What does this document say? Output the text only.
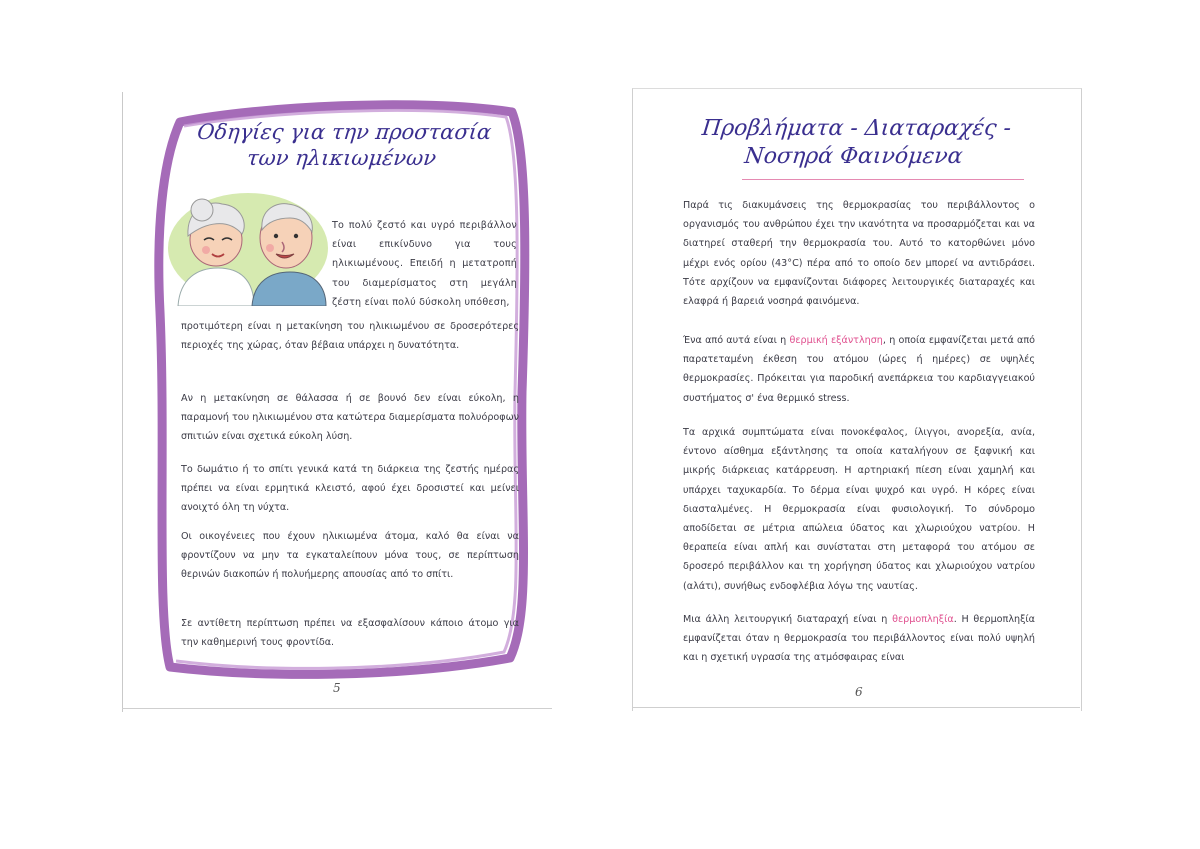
Οδηγίες για την προστασία
των ηλικιωμένων

Το πολύ ζεστό και υγρό περιβάλλον είναι επικίνδυνο για τους ηλικιωμένους. Επειδή η μετατροπή του διαμερίσματος στη μεγάλη ζέστη είναι πολύ δύσκολη υπόθεση,

προτιμότερη είναι η μετακίνηση του ηλικιωμένου σε δροσερότερες περιοχές της χώρας, όταν βέβαια υπάρχει η δυνατότητα.

Αν η μετακίνηση σε θάλασσα ή σε βουνό δεν είναι εύκολη, η παραμονή του ηλικιωμένου στα κατώτερα διαμερίσματα πολυόροφων σπιτιών είναι σχετικά εύκολη λύση.

Το δωμάτιο ή το σπίτι γενικά κατά τη διάρκεια της ζεστής ημέρας πρέπει να είναι ερμητικά κλειστό, αφού έχει δροσιστεί και μείνει ανοιχτό όλη τη νύχτα.

Οι οικογένειες που έχουν ηλικιωμένα άτομα, καλό θα είναι να φροντίζουν να μην τα εγκαταλείπουν μόνα τους, σε περίπτωση θερινών διακοπών ή πολυήμερης απουσίας από το σπίτι.

Σε αντίθετη περίπτωση πρέπει να εξασφαλίσουν κάποιο άτομο για την καθημερινή τους φροντίδα.

5
Προβλήματα - Διαταραχές -
Νοσηρά Φαινόμενα

Παρά τις διακυμάνσεις της θερμοκρασίας του περιβάλλοντος ο οργανισμός του ανθρώπου έχει την ικανότητα να προσαρμόζεται και να διατηρεί σταθερή την θερμοκρασία του. Αυτό το κατορθώνει μόνο μέχρι ενός ορίου (43°C) πέρα από το οποίο δεν μπορεί να αντιδράσει. Τότε αρχίζουν να εμφανίζονται διάφορες λειτουργικές διαταραχές και ελαφρά ή βαρειά νοσηρά φαινόμενα.

Ένα από αυτά είναι η θερμική εξάντληση, η οποία εμφανίζεται μετά από παρατεταμένη έκθεση του ατόμου (ώρες ή ημέρες) σε υψηλές θερμοκρασίες. Πρόκειται για παροδική ανεπάρκεια του καρδιαγγειακού συστήματος σ' ένα θερμικό stress.

Τα αρχικά συμπτώματα είναι πονοκέφαλος, ίλιγγοι, ανορεξία, ανία, έντονο αίσθημα εξάντλησης τα οποία καταλήγουν σε ξαφνική και μικρής διάρκειας κατάρρευση. Η αρτηριακή πίεση είναι χαμηλή και υπάρχει ταχυκαρδία. Το δέρμα είναι ψυχρό και υγρό. Η κόρες είναι διασταλμένες. Η θερμοκρασία είναι φυσιολογική. Το σύνδρομο αποδίδεται σε μέτρια απώλεια ύδατος και χλωριούχου νατρίου. Η θεραπεία είναι απλή και συνίσταται στη μεταφορά του ατόμου σε δροσερό περιβάλλον και τη χορήγηση ύδατος και χλωριούχου νατρίου (αλάτι), συνήθως ενδοφλέβια λόγω της ναυτίας.

Μια άλλη λειτουργική διαταραχή είναι η θερμοπληξία. Η θερμοπληξία εμφανίζεται όταν η θερμοκρασία του περιβάλλοντος είναι πολύ υψηλή και η σχετική υγρασία της ατμόσφαιρας είναι

6
